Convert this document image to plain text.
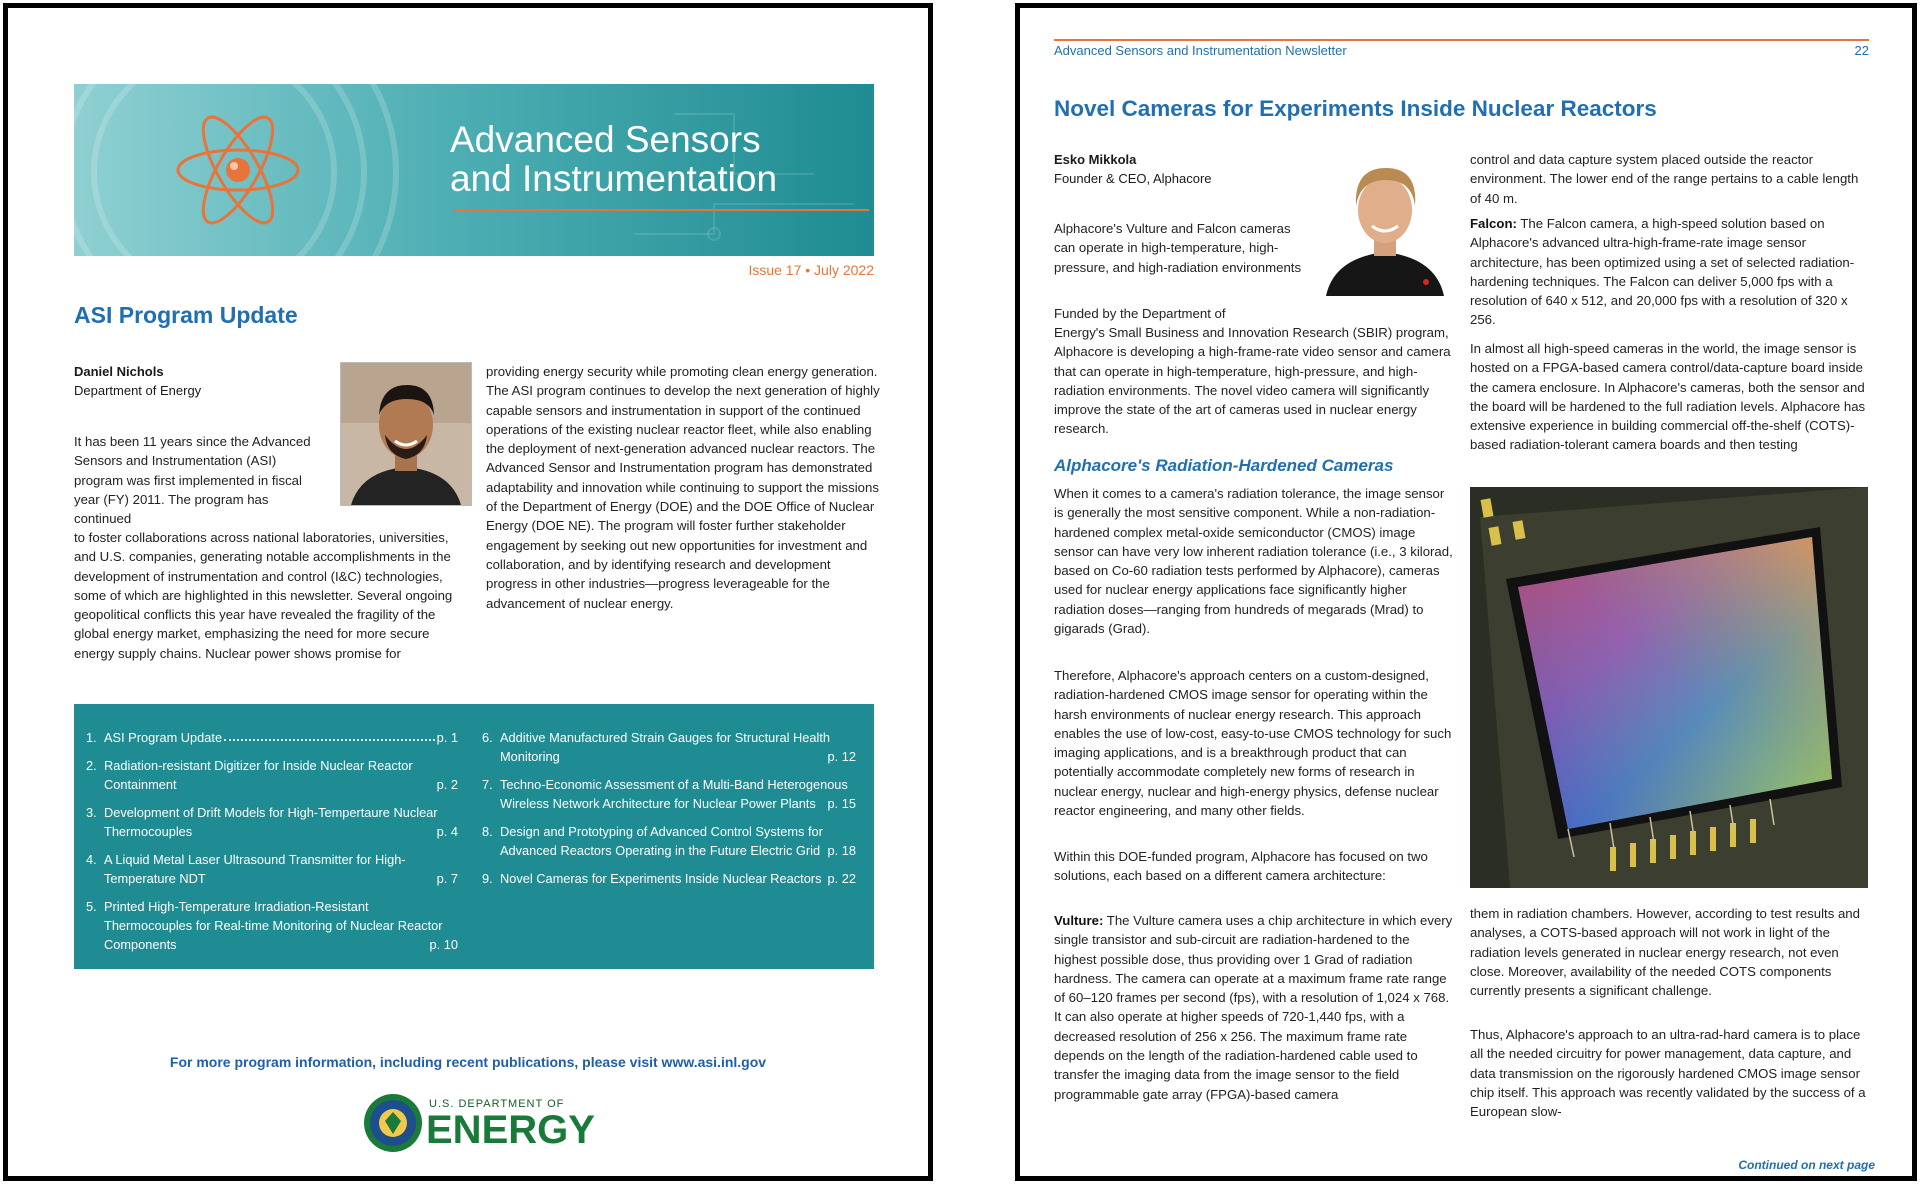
Advanced Sensors
and Instrumentation
Issue 17 • July 2022
ASI Program Update
Daniel Nichols
Department of Energy
It has been 11 years since the Advanced Sensors and Instrumentation (ASI) program was first implemented in fiscal year (FY) 2011. The program has continued
to foster collaborations across national laboratories, universities, and U.S. companies, generating notable accomplishments in the development of instrumentation and control (I&C) technologies, some of which are highlighted in this newsletter. Several ongoing geopolitical conflicts this year have revealed the fragility of the global energy market, emphasizing the need for more secure energy supply chains. Nuclear power shows promise for
providing energy security while promoting clean energy generation. The ASI program continues to develop the next generation of highly capable sensors and instrumentation in support of the continued operations of the existing nuclear reactor fleet, while also enabling the deployment of next-generation advanced nuclear reactors. The Advanced Sensor and Instrumentation program has demonstrated adaptability and innovation while continuing to support the missions of the Department of Energy (DOE) and the DOE Office of Nuclear Energy (DOE NE). The program will foster further stakeholder engagement by seeking out new opportunities for investment and collaboration, and by identifying research and development progress in other industries—progress leverageable for the advancement of nuclear energy.
1. ASI Program Update	p. 1
2. Radiation-resistant Digitizer for Inside Nuclear Reactor Containment	p. 2
3. Development of Drift Models for High-Tempertaure Nuclear Thermocouples	p. 4
4. A Liquid Metal Laser Ultrasound Transmitter for High-Temperature NDT	p. 7
5. Printed High-Temperature Irradiation-Resistant Thermocouples for Real-time Monitoring of Nuclear Reactor Components	p. 10
6. Additive Manufactured Strain Gauges for Structural Health Monitoring	p. 12
7. Techno-Economic Assessment of a Multi-Band Heterogenous Wireless Network Architecture for Nuclear Power Plants p. 15
8. Design and Prototyping of Advanced Control Systems for Advanced Reactors Operating in the Future Electric Grid p. 18
9. Novel Cameras for Experiments Inside Nuclear Reactors p. 22
For more program information, including recent publications, please visit www.asi.inl.gov
U.S. DEPARTMENT OF
ENERGY
Advanced Sensors and Instrumentation Newsletter	22
Novel Cameras for Experiments Inside Nuclear Reactors
Esko Mikkola
Founder & CEO, Alphacore
Alphacore's Vulture and Falcon cameras can operate in high-temperature, high-pressure, and high-radiation environments
Funded by the Department of
Energy's Small Business and Innovation Research (SBIR) program, Alphacore is developing a high-frame-rate video sensor and camera that can operate in high-temperature, high-pressure, and high-radiation environments. The novel video camera will significantly improve the state of the art of cameras used in nuclear energy research.
Alphacore's Radiation-Hardened Cameras
When it comes to a camera's radiation tolerance, the image sensor is generally the most sensitive component. While a non-radiation-hardened complex metal-oxide semiconductor (CMOS) image sensor can have very low inherent radiation tolerance (i.e., 3 kilorad, based on Co-60 radiation tests performed by Alphacore), cameras used for nuclear energy applications face significantly higher radiation doses—ranging from hundreds of megarads (Mrad) to gigarads (Grad).
Therefore, Alphacore's approach centers on a custom-designed, radiation-hardened CMOS image sensor for operating within the harsh environments of nuclear energy research. This approach enables the use of low-cost, easy-to-use CMOS technology for such imaging applications, and is a breakthrough product that can potentially accommodate completely new forms of research in nuclear energy, nuclear and high-energy physics, defense nuclear reactor engineering, and many other fields.
Within this DOE-funded program, Alphacore has focused on two solutions, each based on a different camera architecture:
Vulture: The Vulture camera uses a chip architecture in which every single transistor and sub-circuit are radiation-hardened to the highest possible dose, thus providing over 1 Grad of radiation hardness. The camera can operate at a maximum frame rate range of 60–120 frames per second (fps), with a resolution of 1,024 x 768. It can also operate at higher speeds of 720-1,440 fps, with a decreased resolution of 256 x 256. The maximum frame rate depends on the length of the radiation-hardened cable used to transfer the imaging data from the image sensor to the field programmable gate array (FPGA)-based camera
control and data capture system placed outside the reactor environment. The lower end of the range pertains to a cable length of 40 m.
Falcon: The Falcon camera, a high-speed solution based on Alphacore's advanced ultra-high-frame-rate image sensor architecture, has been optimized using a set of selected radiation-hardening techniques. The Falcon can deliver 5,000 fps with a resolution of 640 x 512, and 20,000 fps with a resolution of 320 x 256.
In almost all high-speed cameras in the world, the image sensor is hosted on a FPGA-based camera control/data-capture board inside the camera enclosure. In Alphacore's cameras, both the sensor and the board will be hardened to the full radiation levels. Alphacore has extensive experience in building commercial off-the-shelf (COTS)-based radiation-tolerant camera boards and then testing
them in radiation chambers. However, according to test results and analyses, a COTS-based approach will not work in light of the radiation levels generated in nuclear energy research, not even close. Moreover, availability of the needed COTS components currently presents a significant challenge.
Thus, Alphacore's approach to an ultra-rad-hard camera is to place all the needed circuitry for power management, data capture, and data transmission on the rigorously hardened CMOS image sensor chip itself. This approach was recently validated by the success of a European slow-
Continued on next page
